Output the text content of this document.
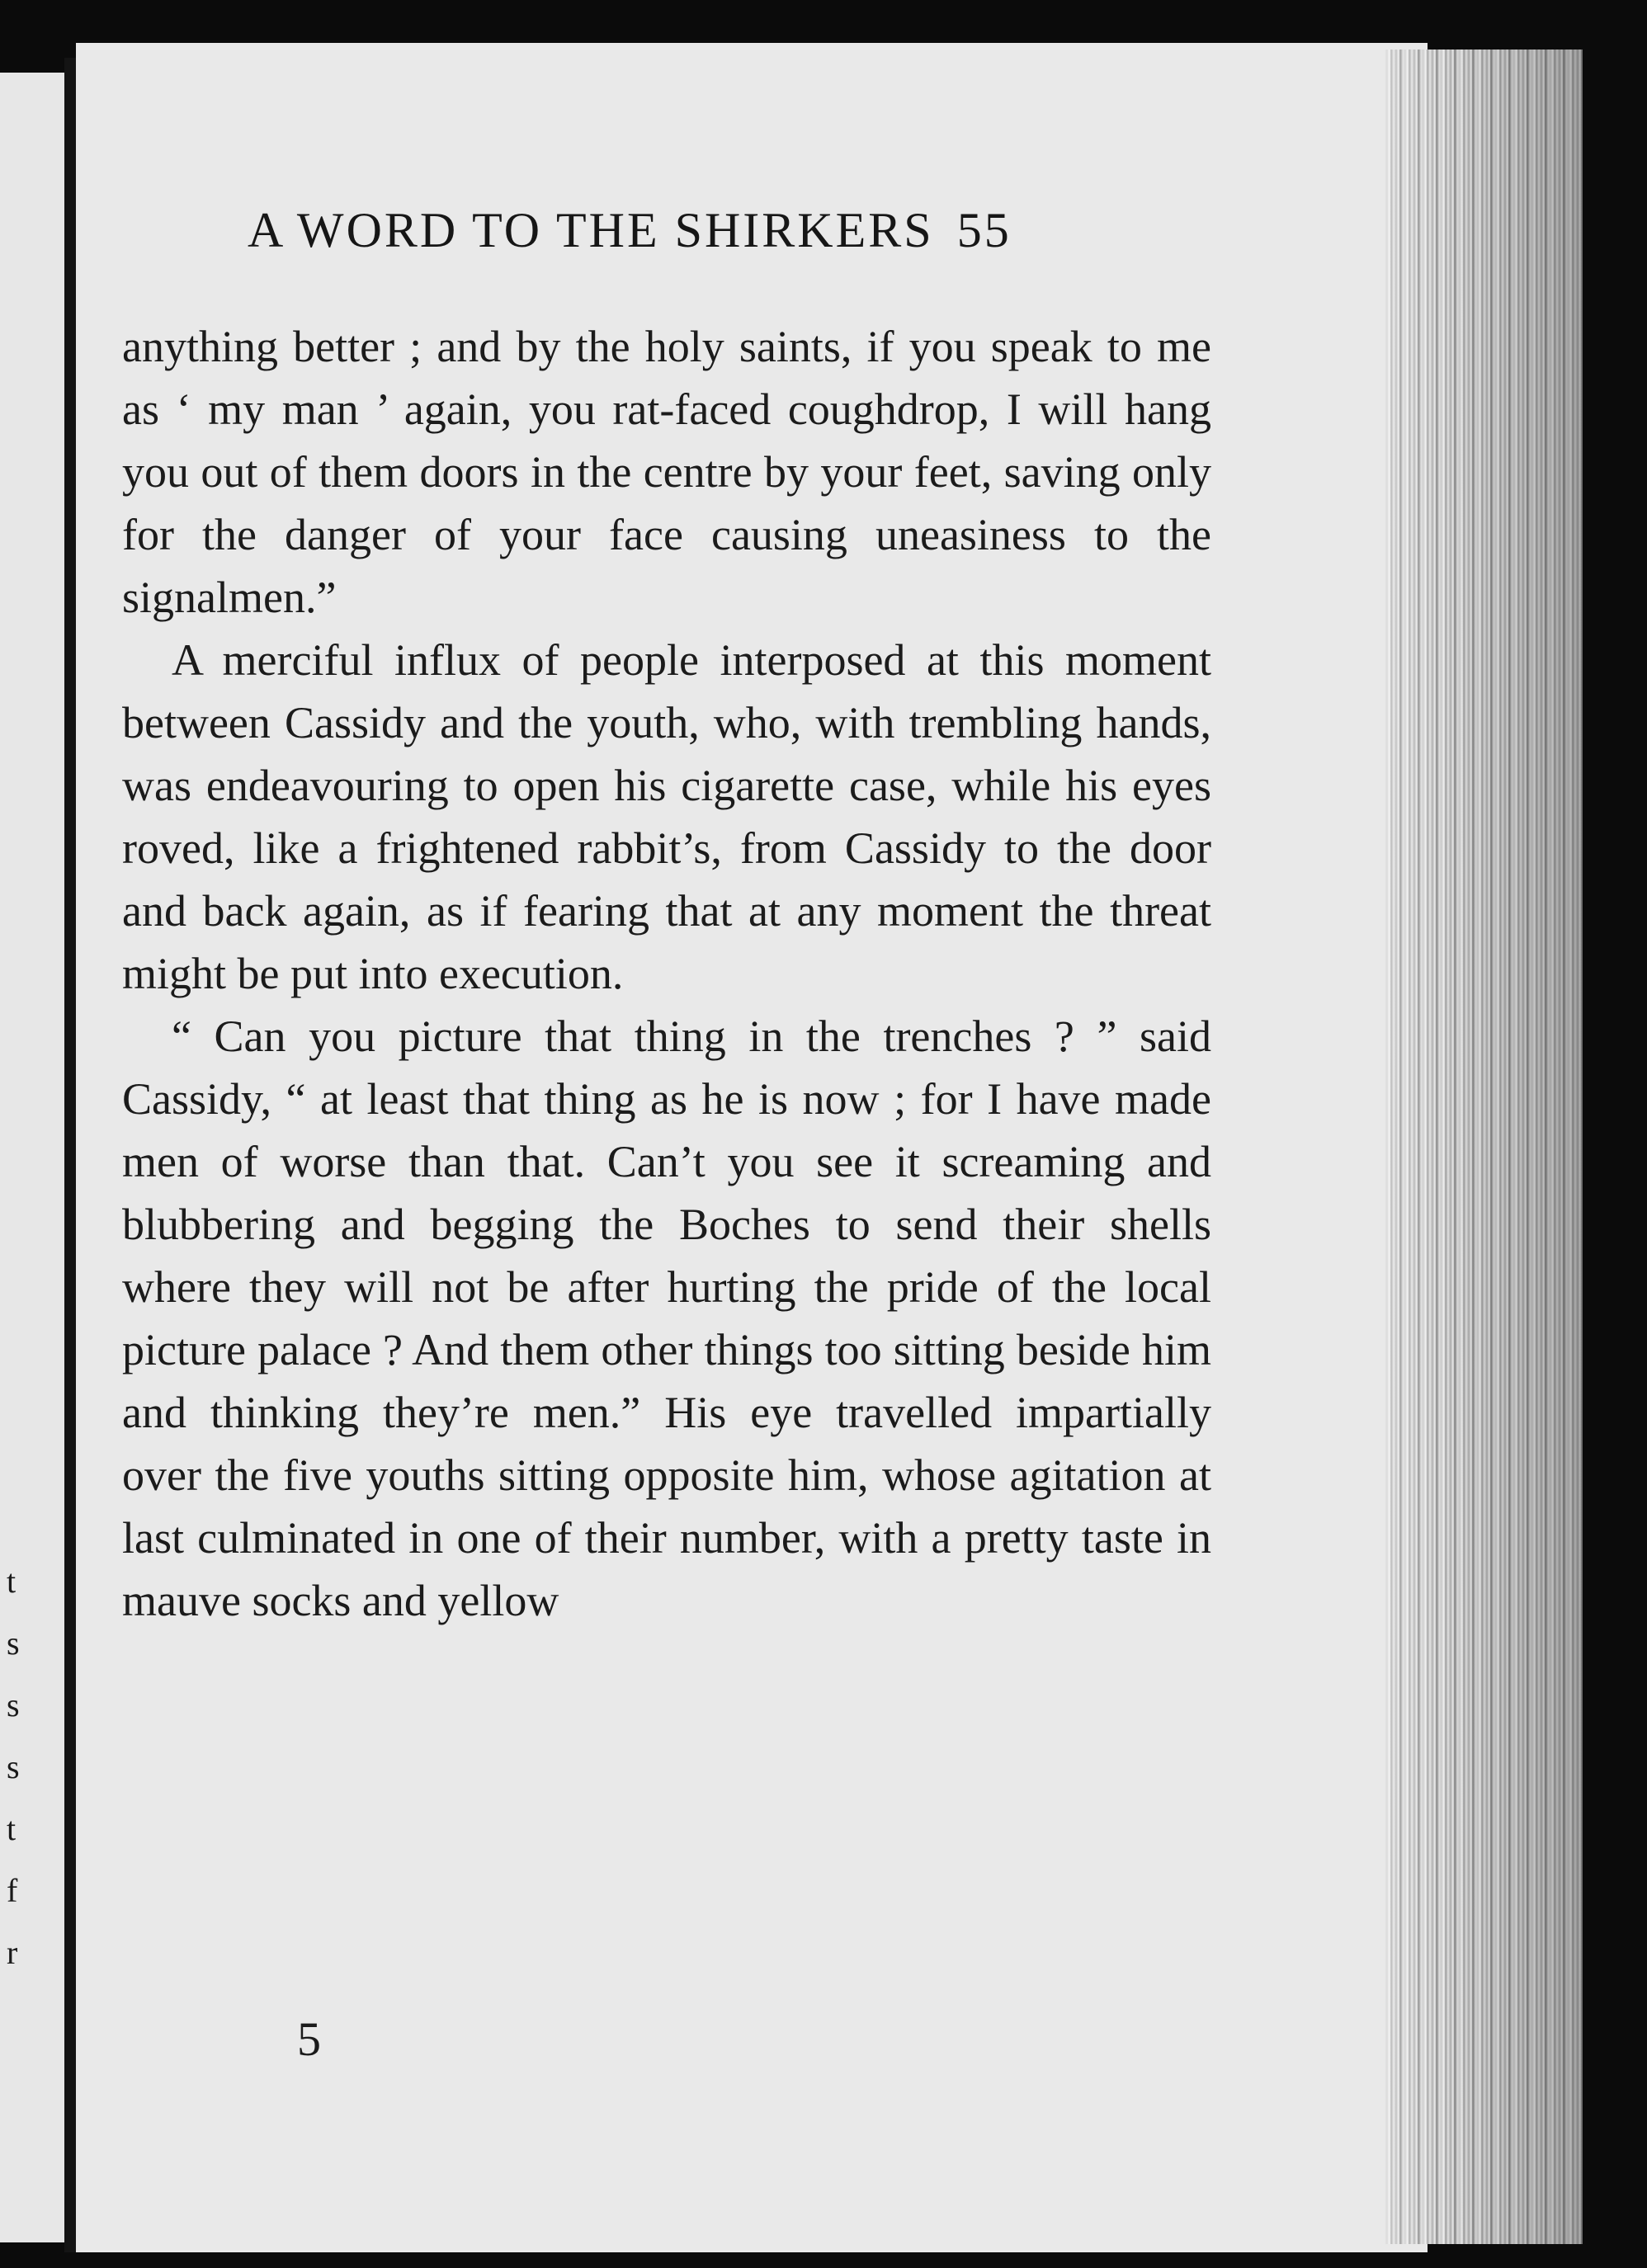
t
s
s
s
t
f
r
A WORD TO THE SHIRKERS 55

anything better ; and by the holy saints, if you speak to me as ‘ my man ’ again, you rat-faced coughdrop, I will hang you out of them doors in the centre by your feet, saving only for the danger of your face causing uneasiness to the signalmen.”

A merciful influx of people interposed at this moment between Cassidy and the youth, who, with trembling hands, was endeavouring to open his cigarette case, while his eyes roved, like a frightened rabbit’s, from Cassidy to the door and back again, as if fearing that at any moment the threat might be put into execution.

“ Can you picture that thing in the trenches ? ” said Cassidy, “ at least that thing as he is now ; for I have made men of worse than that. Can’t you see it screaming and blubbering and begging the Boches to send their shells where they will not be after hurting the pride of the local picture palace ? And them other things too sitting beside him and thinking they’re men.” His eye travelled impartially over the five youths sitting opposite him, whose agitation at last culminated in one of their number, with a pretty taste in mauve socks and yellow

5
